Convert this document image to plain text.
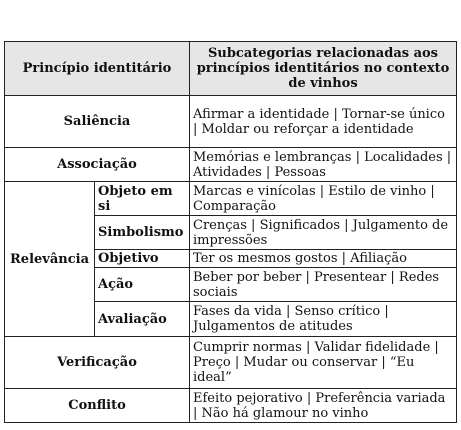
Princípio identitário		Subcategorias relacionadas aos princípios identitários no contexto de vinhos
Saliência		Afirmar a identidade | Tornar-se único | Moldar ou reforçar a identidade
Associação		Memórias e lembranças | Localidades | Atividades | Pessoas
Relevância	Objeto em si	Marcas e vinícolas | Estilo de vinho | Comparação
	Simbolismo	Crenças | Significados | Julgamento de impressões
	Objetivo	Ter os mesmos gostos | Afiliação
	Ação	Beber por beber | Presentear | Redes sociais
	Avaliação	Fases da vida | Senso crítico | Julgamentos de atitudes
Verificação		Cumprir normas | Validar fidelidade | Preço | Mudar ou conservar | “Eu ideal”
Conflito		Efeito pejorativo | Preferência variada | Não há glamour no vinho
